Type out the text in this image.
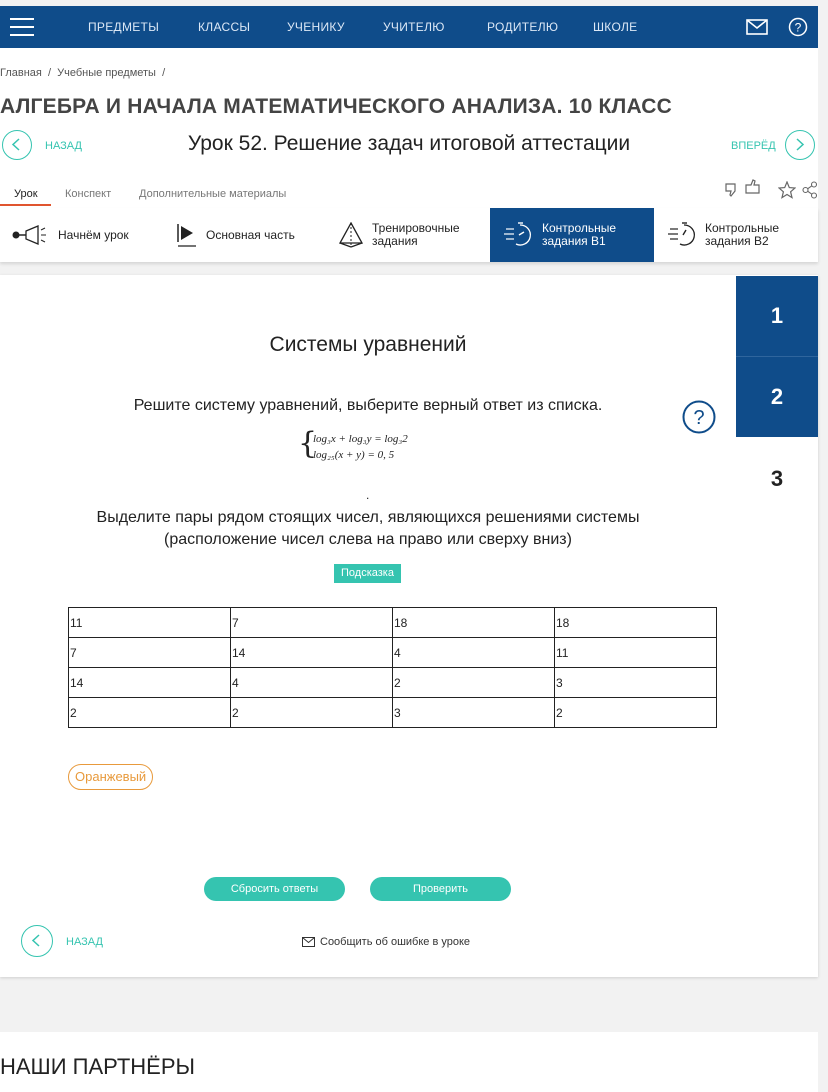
ПРЕДМЕТЫ	КЛАССЫ	УЧЕНИКУ	УЧИТЕЛЮ	РОДИТЕЛЮ	ШКОЛЕ	?
Главная  /  Учебные предметы  /
АЛГЕБРА И НАЧАЛА МАТЕМАТИЧЕСКОГО АНАЛИЗА. 10 КЛАСС
НАЗАД	Урок 52. Решение задач итоговой аттестации	ВПЕРЁД
Урок Конспект	Дополнительные материалы
Начнём урок	Основная часть	Тренировочные
задания
Контрольные
задания В1
Контрольные
задания В2
1
2
3
Системы уравнений
Решите систему уравнений, выберите верный ответ из списка.
?
{
log₃x + log₃y = log₃2
log₂₅(x + y) = 0, 5
.
Выделите пары рядом стоящих чисел, являющихся решениями системы
(расположение чисел слева на право или сверху вниз)
Подсказка
11	7	18	18
7	14	4	11
14	4	2	3
2	2	3	2
Оранжевый
Сбросить ответы	Проверить
НАЗАД	Сообщить об ошибке в уроке
НАШИ ПАРТНЁРЫ
